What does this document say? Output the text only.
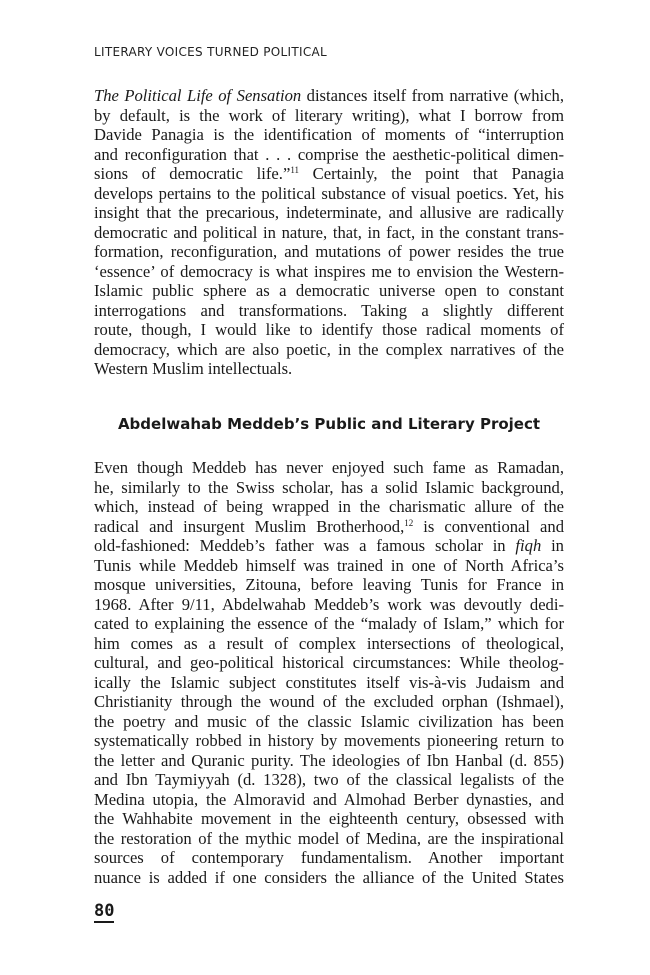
LITERARY VOICES TURNED POLITICAL
The Political Life of Sensation distances itself from narrative (which,
by default, is the work of literary writing), what I borrow from
Davide Panagia is the identification of moments of “interruption
and reconfiguration that . . . comprise the aesthetic-political dimen-
sions of democratic life.”$^{11}$ Certainly, the point that Panagia
develops pertains to the political substance of visual poetics. Yet, his
insight that the precarious, indeterminate, and allusive are radically
democratic and political in nature, that, in fact, in the constant trans-
formation, reconfiguration, and mutations of power resides the true
‘essence’ of democracy is what inspires me to envision the Western-
Islamic public sphere as a democratic universe open to constant
interrogations and transformations. Taking a slightly different
route, though, I would like to identify those radical moments of
democracy, which are also poetic, in the complex narratives of the
Western Muslim intellectuals.
Abdelwahab Meddeb’s Public and Literary Project
Even though Meddeb has never enjoyed such fame as Ramadan,
he, similarly to the Swiss scholar, has a solid Islamic background,
which, instead of being wrapped in the charismatic allure of the
radical and insurgent Muslim Brotherhood,$^{12}$ is conventional and
old-fashioned: Meddeb’s father was a famous scholar in fiqh in
Tunis while Meddeb himself was trained in one of North Africa’s
mosque universities, Zitouna, before leaving Tunis for France in
1968. After 9/11, Abdelwahab Meddeb’s work was devoutly dedi-
cated to explaining the essence of the “malady of Islam,” which for
him comes as a result of complex intersections of theological,
cultural, and geo-political historical circumstances: While theolog-
ically the Islamic subject constitutes itself vis-à-vis Judaism and
Christianity through the wound of the excluded orphan (Ishmael),
the poetry and music of the classic Islamic civilization has been
systematically robbed in history by movements pioneering return to
the letter and Quranic purity. The ideologies of Ibn Hanbal (d. 855)
and Ibn Taymiyyah (d. 1328), two of the classical legalists of the
Medina utopia, the Almoravid and Almohad Berber dynasties, and
the Wahhabite movement in the eighteenth century, obsessed with
the restoration of the mythic model of Medina, are the inspirational
sources of contemporary fundamentalism. Another important
nuance is added if one considers the alliance of the United States
80
